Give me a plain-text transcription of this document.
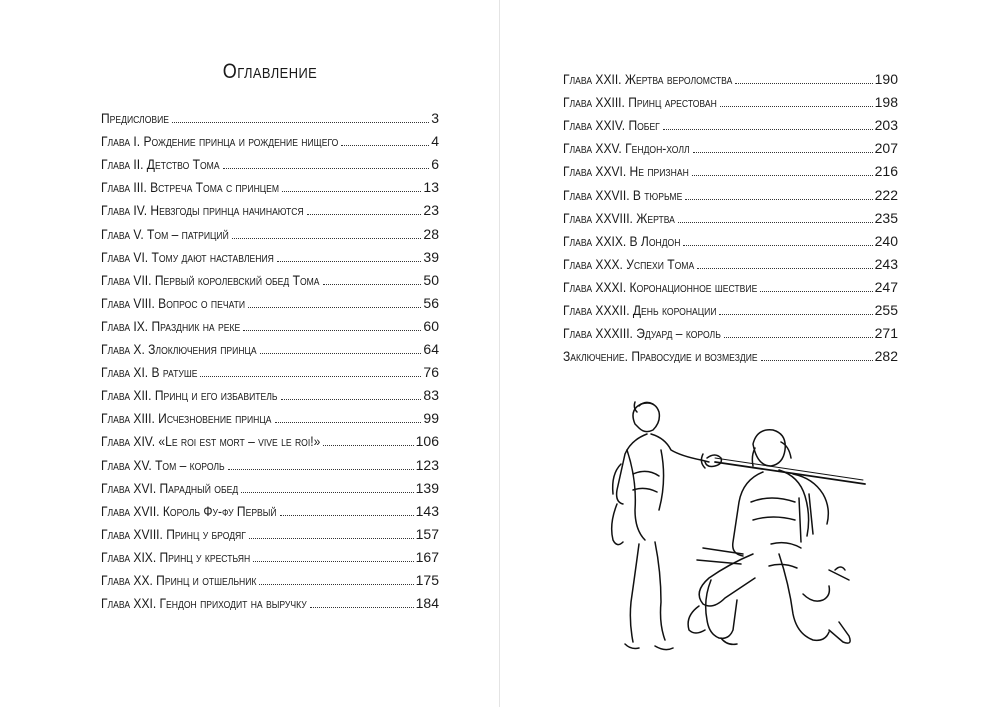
Оглавление
Предисловие	3
Глава I. Рождение принца и рождение нищего	4
Глава II. Детство Тома	6
Глава III. Встреча Тома с принцем	13
Глава IV. Невзгоды принца начинаются	23
Глава V. Том – патриций	28
Глава VI. Тому дают наставления	39
Глава VII. Первый королевский обед Тома	50
Глава VIII. Вопрос о печати	56
Глава IX. Праздник на реке	60
Глава X. Злоключения принца	64
Глава XI. В ратуше	76
Глава XII. Принц и его избавитель	83
Глава XIII. Исчезновение принца	99
Глава XIV. «Le roi est mort – vive le roi!»	106
Глава XV. Том – король	123
Глава XVI. Парадный обед	139
Глава XVII. Король Фу-фу Первый	143
Глава XVIII. Принц у бродяг	157
Глава XIX. Принц у крестьян	167
Глава XX. Принц и отшельник	175
Глава XXI. Гендон приходит на выручку	184
Глава XXII. Жертва вероломства	190
Глава XXIII. Принц арестован	198
Глава XXIV. Побег	203
Глава XXV. Гендон-холл	207
Глава XXVI. Не признан	216
Глава XXVII. В тюрьме	222
Глава XXVIII. Жертва	235
Глава XXIX. В Лондон	240
Глава XXX. Успехи Тома	243
Глава XXXI. Коронационное шествие	247
Глава XXXII. День коронации	255
Глава XXXIII. Эдуард – король	271
Заключение. Правосудие и возмездие	282
